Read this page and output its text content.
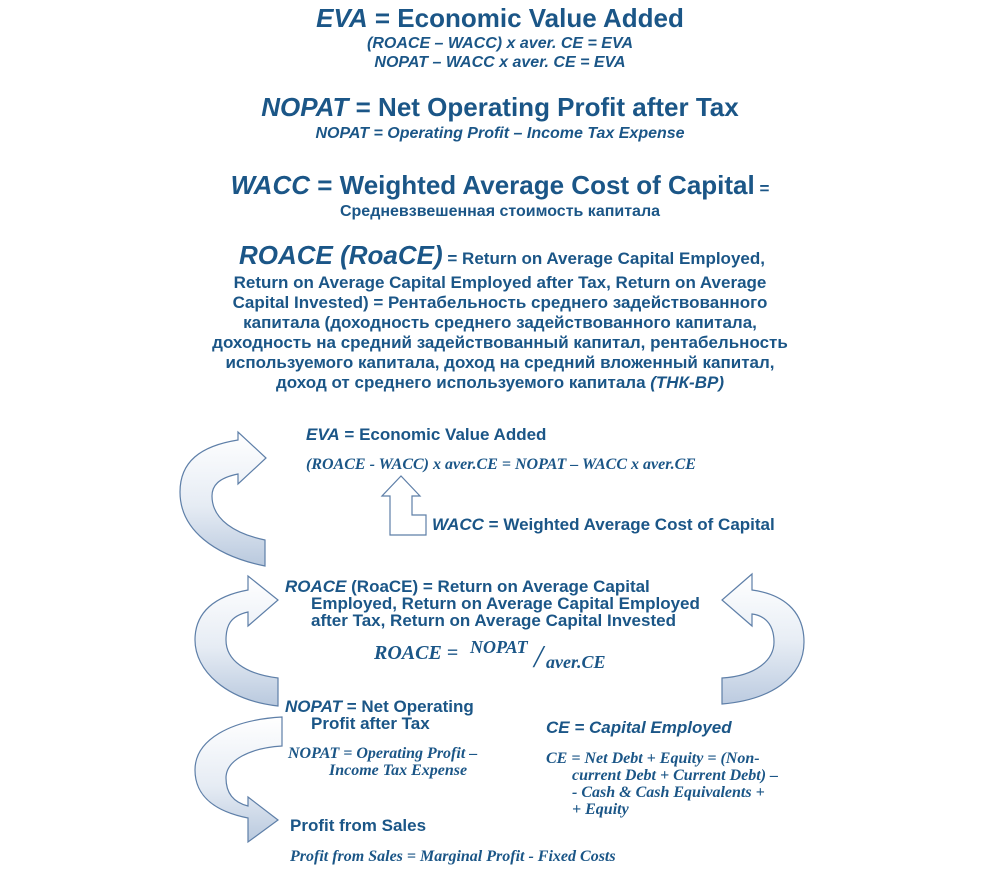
EVA = Economic Value Added
(ROACE – WACC) x aver. CE = EVA
NOPAT – WACC x aver. CE = EVA
NOPAT = Net Operating Profit after Tax
NOPAT = Operating Profit – Income Tax Expense
WACC = Weighted Average Cost of Capital =
Средневзвешенная стоимость капитала
ROACE (RoaCE) = Return on Average Capital Employed,
Return on Average Capital Employed after Tax, Return on Average
Capital Invested) = Рентабельность среднего задействованного
капитала (доходность среднего задействованного капитала,
доходность на средний задействованный капитал, рентабельность
используемого капитала, доход на средний вложенный капитал,
доход от среднего используемого капитала (ТНК-ВР)
EVA = Economic Value Added
(ROACE - WACC) x aver.CE = NOPAT – WACC x aver.CE
WACC = Weighted Average Cost of Capital
ROACE (RoaCE) = Return on Average Capital
Employed, Return on Average Capital Employed
after Tax, Return on Average Capital Invested
ROACE = NOPAT / aver.CE
NOPAT = Net Operating
Profit after Tax
NOPAT = Operating Profit –
Income Tax Expense
CE = Capital Employed
CE = Net Debt + Equity = (Non-
current Debt + Current Debt) –
- Cash & Cash Equivalents +
+ Equity
Profit from Sales
Profit from Sales = Marginal Profit - Fixed Costs
